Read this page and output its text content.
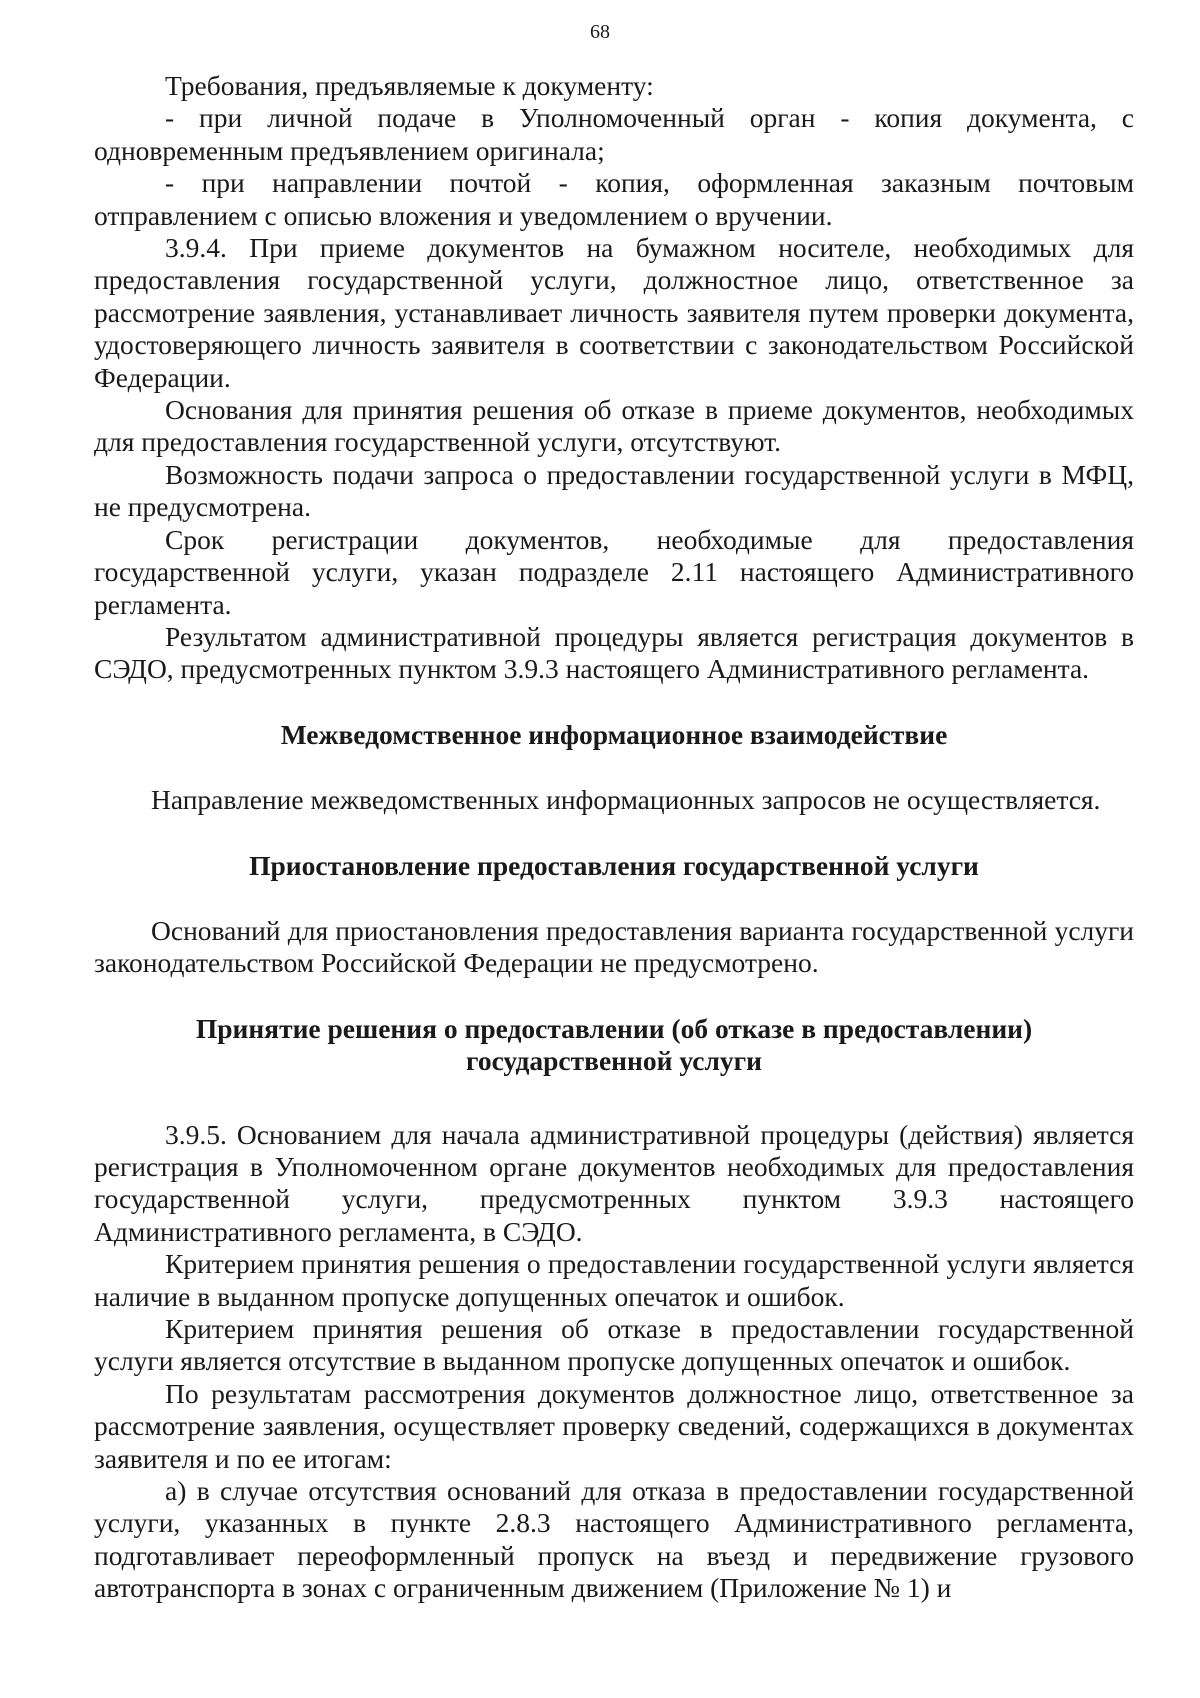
68

Требования, предъявляемые к документу:

- при личной подаче в Уполномоченный орган - копия документа, с одновременным предъявлением оригинала;

- при направлении почтой - копия, оформленная заказным почтовым отправлением с описью вложения и уведомлением о вручении.

3.9.4. При приеме документов на бумажном носителе, необходимых для предоставления государственной услуги, должностное лицо, ответственное за рассмотрение заявления, устанавливает личность заявителя путем проверки документа, удостоверяющего личность заявителя в соответствии с законодательством Российской Федерации.

Основания для принятия решения об отказе в приеме документов, необходимых для предоставления государственной услуги, отсутствуют.

Возможность подачи запроса о предоставлении государственной услуги в МФЦ, не предусмотрена.

Срок регистрации документов, необходимые для предоставления государственной услуги, указан подразделе 2.11 настоящего Административного регламента.

Результатом административной процедуры является регистрация документов в СЭДО, предусмотренных пунктом 3.9.3 настоящего Административного регламента.

Межведомственное информационное взаимодействие

Направление межведомственных информационных запросов не осуществляется.

Приостановление предоставления государственной услуги

Оснований для приостановления предоставления варианта государственной услуги законодательством Российской Федерации не предусмотрено.

Принятие решения о предоставлении (об отказе в предоставлении)
государственной услуги

3.9.5. Основанием для начала административной процедуры (действия) является регистрация в Уполномоченном органе документов необходимых для предоставления государственной услуги, предусмотренных пунктом 3.9.3 настоящего Административного регламента, в СЭДО.

Критерием принятия решения о предоставлении государственной услуги является наличие в выданном пропуске допущенных опечаток и ошибок.

Критерием принятия решения об отказе в предоставлении государственной услуги является отсутствие в выданном пропуске допущенных опечаток и ошибок.

По результатам рассмотрения документов должностное лицо, ответственное за рассмотрение заявления, осуществляет проверку сведений, содержащихся в документах заявителя и по ее итогам:

а) в случае отсутствия оснований для отказа в предоставлении государственной услуги, указанных в пункте 2.8.3 настоящего Административного регламента, подготавливает переоформленный пропуск на въезд и передвижение грузового автотранспорта в зонах с ограниченным движением (Приложение № 1) и
